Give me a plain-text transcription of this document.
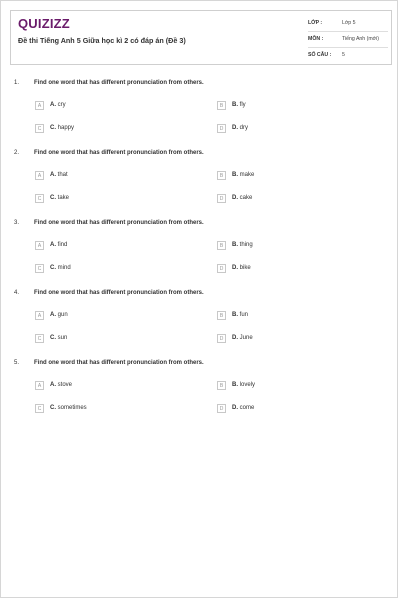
QUIZIZZ
Đề thi Tiếng Anh 5 Giữa học kì 2 có đáp án (Đề 3)
LỚP :	Lớp 5
MÔN :	Tiếng Anh (mới)
SỐ CÂU : 5
1. Find one word that has different pronunciation from others.
A	A. cry	B	B. fly
C	C. happy	D	D. dry
2. Find one word that has different pronunciation from others.
A	A. that	B	B. make
C	C. take	D	D. cake
3. Find one word that has different pronunciation from others.
A	A. find	B	B. thing
C	C. mind	D	D. bike
4. Find one word that has different pronunciation from others.
A	A. gun	B	B. fun
C	C. sun	D	D. June
5. Find one word that has different pronunciation from others.
A	A. stove	B	B. lovely
C	C. sometimes	D	D. come
